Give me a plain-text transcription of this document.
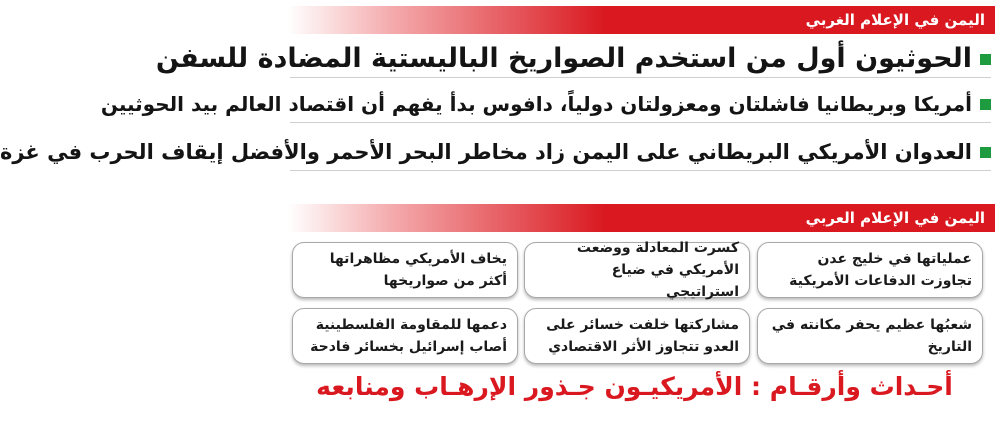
اليمن في الإعلام الغربي
الحوثيون أول من استخدم الصواريخ الباليستية المضادة للسفن
أمريكا وبريطانيا فاشلتان ومعزولتان دولياً، دافوس بدأ يفهم أن اقتصاد العالم بيد الحوثيين
العدوان الأمريكي البريطاني على اليمن زاد مخاطر البحر الأحمر والأفضل إيقاف الحرب في غزة
اليمن في الإعلام العربي
عملياتها في خليج عدن تجاوزت الدفاعات الأمريكية
كسرت المعادلة ووضعت الأمريكي في ضياع استراتيجي
يخاف الأمريكي مظاهراتها أكثر من صواريخها
شعبُها عظيم يحفر مكانته في التاريخ
مشاركتها خلفت خسائر على العدو تتجاوز الأثر الاقتصادي
دعمها للمقاومة الفلسطينية أصاب إسرائيل بخسائر فادحة
أحـداث وأرقـام : الأمريكيـون جـذور الإرهـاب ومنابعه
